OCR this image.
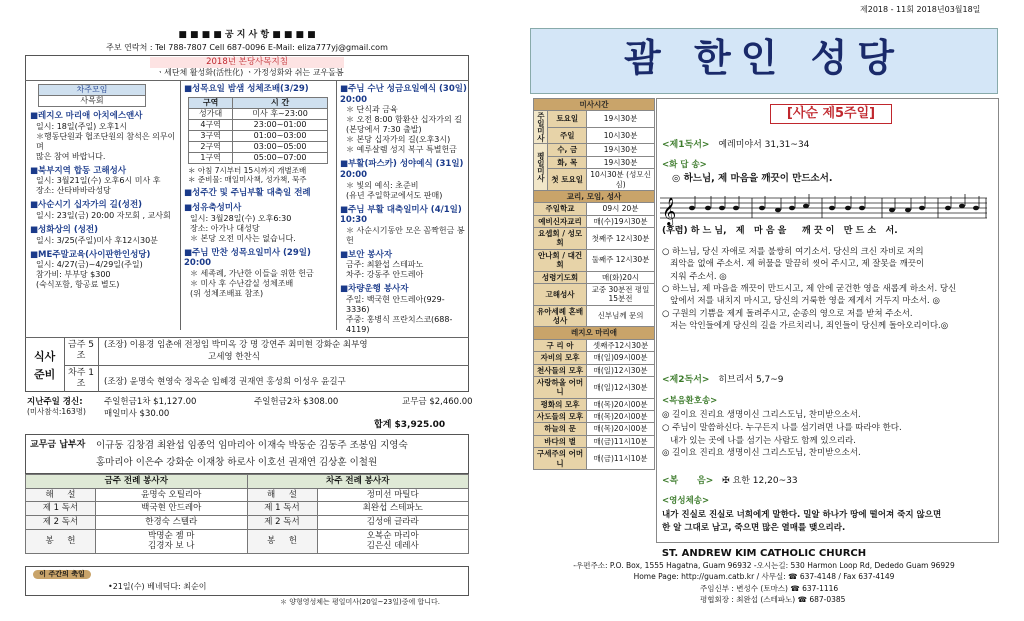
■ ■ ■ ■ 공 지 사 항 ■ ■ ■ ■
주보 연락처 : Tel 788-7807 Cell 687-0096 E-Mail: eliza777yj@gmail.com
2018년 본당사목지침
ㆍ세단체 활성화(活性化) ㆍ가정성화와 쉬는 교우돌봄
차주모임
사목회
■레지오 마리애 아치에스앤사
일시: 18일(주일) 오후1시
＊행동단원과 협조단원의 참석은 의무이며
많은 참여 바랍니다.
■북부지역 합동 고해성사
일시: 3월21일(수) 오후6시 미사 후
장소: 산타바바라성당
■사순시기 십자가의 길(성전)
일시: 23일(금) 20:00 자모회 , 교사회
■성화상의 (성전)
일시: 3/25(주일)미사 후12시30분
■ME주말교육(사이판한인성당)
일시: 4/27(금)~4/29일(주일)
참가비: 부부당 $300
(숙식포함, 항공료 별도)
■성목요일 밤샘 성체조배(3/29)
구역	시 간
성가대	미사 후~23:00
4구역	23:00~01:00
3구역	01:00~03:00
2구역	03:00~05:00
1구역	05:00~07:00
＊ 아침 7시부터 15시까지 개별조배
＊ 준비물: 매일미사책, 성가책, 묵주
■성주간 및 주님부활 대축일 전례
■성유축성미사
일시: 3월28일(수) 오후6:30
장소: 아가나 대성당
＊ 본당 오전 미사는 없습니다.
■주님 만찬 성목요일미사 (29일) 20:00
＊ 세족례, 가난한 이들을 위한 헌금
＊ 미사 후 수난감실 성체조배
(위 성체조배표 참조)
■주님 수난 성금요일예식 (30일) 20:00
＊ 단식과 금육
＊ 오전 8:00 함환산 십자가의 길
(본당에서 7:30 출발)
＊ 본당 십자가의 길(오후3시)
＊ 예루살렘 성지 복구 특별헌금
■부활(파스카) 성야예식 (31일) 20:00
＊ 빛의 예식: 초준비
(유년 주일학교에서도 판매)
■주님 부활 대축일미사 (4/1일) 10:30
＊ 사순시기동안 모은 꼼짝헌금 봉헌
■보안 봉사자
금주: 최환섭 스테파노
차주: 강동주 안드레아
■차량운행 봉사자
주일: 백국현 안드레아(929-3336)
주중: 홍병식 프란치스코(688-4119)
식사
준비
금주 5조
(조장) 이용경 임춘애 전정임 박미옥 강 명 강연주 최미현 강화순 최부영
고세영 한찬식
차주 1조	(조장) 윤명숙 현영숙 정옥순 임혜경 권재연 홍성희 이성우 윤길구
지난주일 경신:
(미사참석:163명)
주일헌금1차 $1,127.00
매일미사 $30.00
주일헌금2차 $308.00	교무금 $2,460.00
합계 $3,925.00
교무금 납부자 이규동 김창겸 최완섭 임종억 임마리아 이재숙 박동순 김동주 조봉임 지영숙
홍마리아 이은수 강화순 이재창 하로사 이호선 권재연 김상훈 이철원
금주 전례 봉사자		차주 전례 봉사자	
해     설	윤명숙 오틸리아	해     설	정미선 마틸다
제 1 독서	백국현 안드레아	제 1 독서	최완섭 스테파노
제 2 독서	한경숙 스텔라	제 2 독서	김성애 글라라
봉     헌	박명순 젬 마
김경자 보 나	봉     헌	오복순 마리아
김은신 데레사
이 주간의 축일
•21일(수) 베네딕다: 최순이
＊ 양형영성체는 평일미사(20일~23일)중에 합니다.
제2018 - 11회 2018년03월18일
괌 한인 성당
미사시간		
주일미사	토요일	19시30분
	주일	10시30분
평일미사	수, 금	19시30분
	화, 목	19시30분
	첫 토요일	10시30분 (성모신심)
교리, 모임, 성사		
주일학교		09시 20분
예비신자교리		매(수)19시30분
요셉회 / 성모회		첫째주 12시30분
안나회 / 대건회		둘째주 12시30분
성령기도회		매(화)20시
고해성사		교중 30분전 평일 15분전
유아세례 혼배성사		신부님께 문의
레지오 마리애		
구 리 아		셋째주12시30분
자비의 모후		매(일)09시00분
천사들의 모후		매(일)12시30분
사랑하올 어머니		매(일)12시30분
평화의 모후		매(목)20시00분
사도들의 모후		매(목)20시00분
하늘의 문		매(목)20시00분
바다의 별		매(금)11시10분
구세주의 어머니		매(금)11시10분
[사순 제5주일]
<제1독서> 예레미야서 31,31~34
<화 답 송>
◎ 하느님, 제 마음을 깨끗이 만드소서.
𝄞
(후렴) 하 느 님,   제   마 음 을     깨 끗 이   만 드 소   서.
○ 하느님, 당신 자애로 저를 불쌍히 여기소서. 당신의 크신 자비로 저의
죄악을 없애 주소서. 제 허물을 말끔히 씻어 주시고, 제 잘못을 깨끗이
지워 주소서. ◎
○ 하느님, 제 마음을 깨끗이 만드시고, 제 안에 굳건한 영을 새롭게 하소서. 당신
앞에서 저를 내치지 마시고, 당신의 거룩한 영을 제게서 거두지 마소서. ◎
○ 구원의 기쁨을 제게 돌려주시고, 순종의 영으로 저를 받쳐 주소서.
저는 악인들에게 당신의 길을 가르치리니, 죄인들이 당신께 돌아오리이다.◎
<제2독서> 히브리서 5,7~9
<복음환호송>
◎ 길이요 진리요 생명이신 그리스도님, 찬미받으소서.
○ 주님이 말씀하신다. 누구든지 나를 섬기려면 나를 따라야 한다.
내가 있는 곳에 나를 섬기는 사람도 함께 있으리라.
◎ 길이요 진리요 생명이신 그리스도님, 찬미받으소서.
<복      음> ✠ 요한 12,20~33
<영성체송>
내가 진실로 진실로 너희에게 말한다. 밀알 하나가 땅에 떨어져 죽지 않으면
한 알 그대로 남고, 죽으면 많은 열매를 맺으리라.
ST. ANDREW KIM CATHOLIC CHURCH
-우편주소: P.O. Box, 1555 Hagatna, Guam 96932 -오시는길: 530 Harmon Loop Rd, Dededo Guam 96929
Home Page: http://guam.catb.kr / 사무실: ☎ 637-4148 / Fax 637-4149
주임신부 : 변성수 (토마스) ☎ 637-1116
평협회장 : 최완섭 (스테파노) ☎ 687-0385
